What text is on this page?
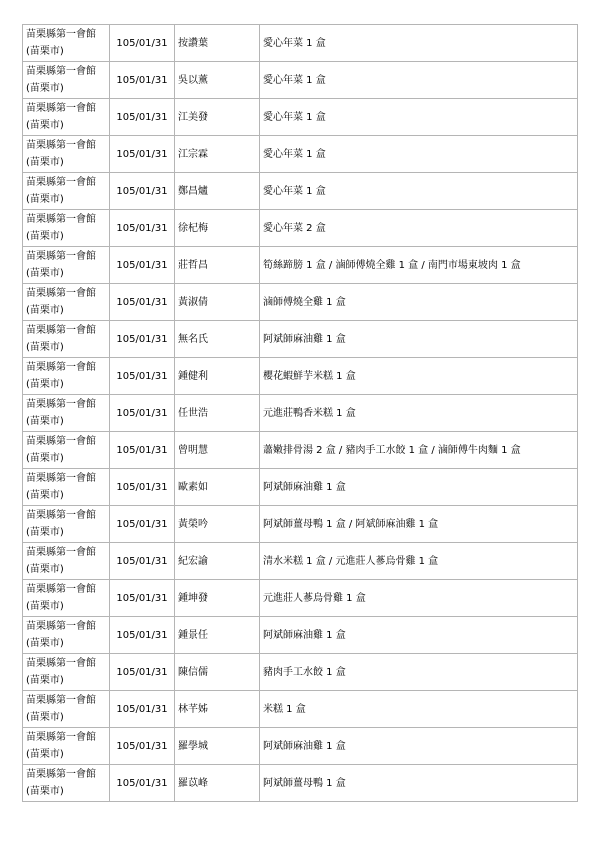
苗栗縣第一會館
(苗栗市)	105/01/31	按讚葉	愛心年菜 1 盒

苗栗縣第一會館
(苗栗市)	105/01/31	吳以薰	愛心年菜 1 盒

苗栗縣第一會館
(苗栗市)	105/01/31	江美發	愛心年菜 1 盒

苗栗縣第一會館
(苗栗市)	105/01/31	江宗霖	愛心年菜 1 盒

苗栗縣第一會館
(苗栗市)	105/01/31	鄭昌爐	愛心年菜 1 盒

苗栗縣第一會館
(苗栗市)	105/01/31	徐杞梅	愛心年菜 2 盒

苗栗縣第一會館
(苗栗市)	105/01/31	莊哲昌	筍絲蹄膀 1 盒 / 滷師傅燒全雞 1 盒 / 南門市場東坡肉 1 盒

苗栗縣第一會館
(苗栗市)	105/01/31	黃淑倩	滷師傅燒全雞 1 盒

苗栗縣第一會館
(苗栗市)	105/01/31	無名氏	阿斌師麻油雞 1 盒

苗栗縣第一會館
(苗栗市)	105/01/31	鍾健利	櫻花蝦鮮芋米糕 1 盒

苗栗縣第一會館
(苗栗市)	105/01/31	任世浩	元進莊鴨香米糕 1 盒

苗栗縣第一會館
(苗栗市)	105/01/31	曾明慧	蕭嫩排骨湯 2 盒 / 豬肉手工水餃 1 盒 / 滷師傅牛肉麵 1 盒

苗栗縣第一會館
(苗栗市)	105/01/31	歐素如	阿斌師麻油雞 1 盒

苗栗縣第一會館
(苗栗市)	105/01/31	黃榮吟	阿斌師薑母鴨 1 盒 / 阿斌師麻油雞 1 盒

苗栗縣第一會館
(苗栗市)	105/01/31	紀宏諭	清水米糕 1 盒 / 元進莊人蔘烏骨雞 1 盒

苗栗縣第一會館
(苗栗市)	105/01/31	鍾坤發	元進莊人蔘烏骨雞 1 盒

苗栗縣第一會館
(苗栗市)	105/01/31	鍾景任	阿斌師麻油雞 1 盒

苗栗縣第一會館
(苗栗市)	105/01/31	陳信儒	豬肉手工水餃 1 盒

苗栗縣第一會館
(苗栗市)	105/01/31	林芊姊	米糕 1 盒

苗栗縣第一會館
(苗栗市)	105/01/31	羅學城	阿斌師麻油雞 1 盒

苗栗縣第一會館
(苗栗市)	105/01/31	羅苡峰	阿斌師薑母鴨 1 盒
